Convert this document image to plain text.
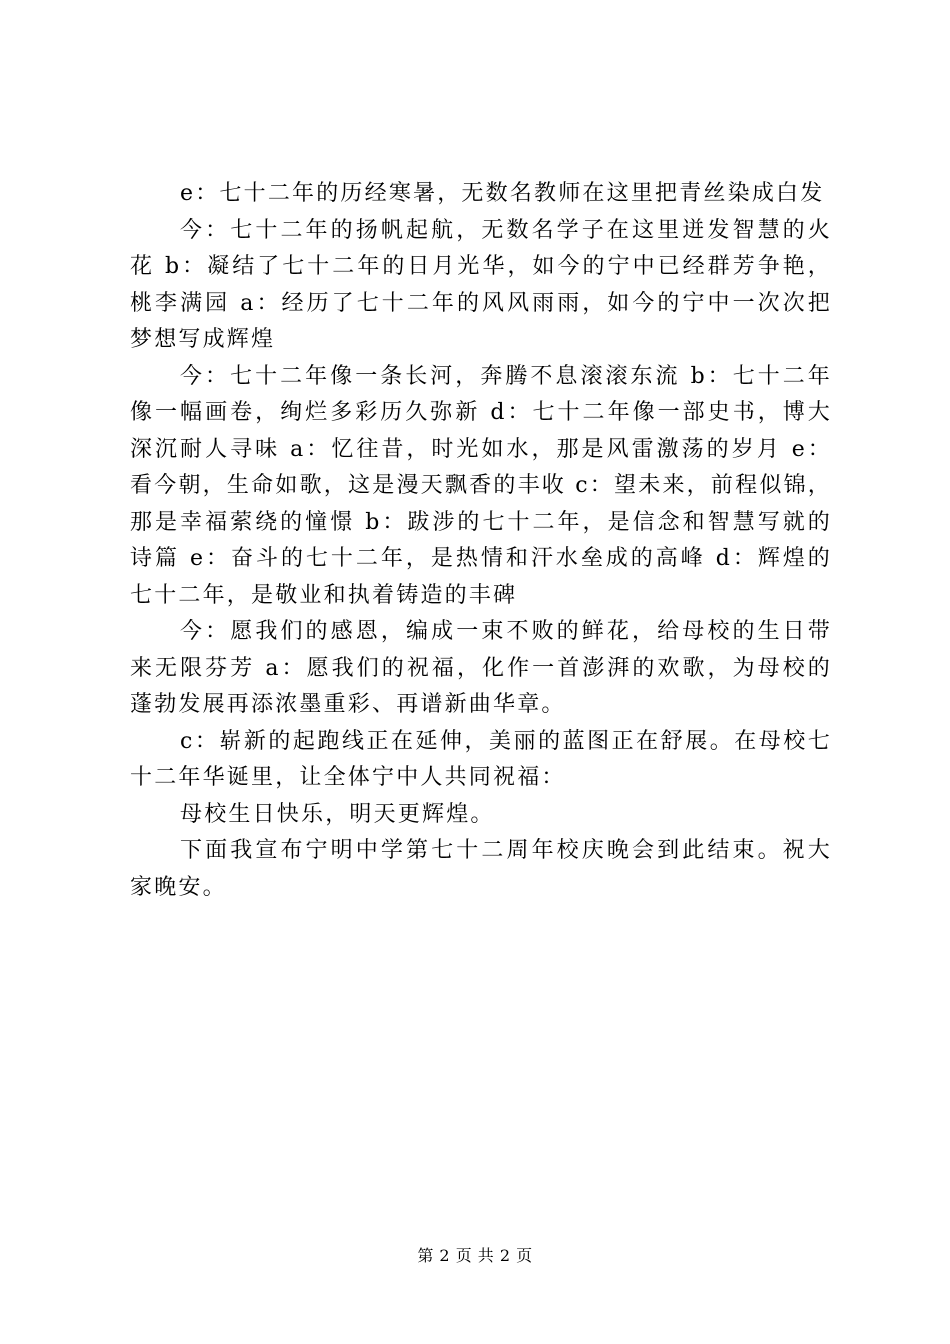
e：七十二年的历经寒暑，无数名教师在这里把青丝染成白发

今：七十二年的扬帆起航，无数名学子在这里迸发智慧的火花 b：凝结了七十二年的日月光华，如今的宁中已经群芳争艳，桃李满园 a：经历了七十二年的风风雨雨，如今的宁中一次次把梦想写成辉煌

今：七十二年像一条长河，奔腾不息滚滚东流 b：七十二年像一幅画卷，绚烂多彩历久弥新 d：七十二年像一部史书，博大深沉耐人寻味 a：忆往昔，时光如水，那是风雷激荡的岁月 e：看今朝，生命如歌，这是漫天飘香的丰收 c：望未来，前程似锦，那是幸福萦绕的憧憬 b：跋涉的七十二年，是信念和智慧写就的诗篇 e：奋斗的七十二年，是热情和汗水垒成的高峰 d：辉煌的七十二年，是敬业和执着铸造的丰碑

今：愿我们的感恩，编成一束不败的鲜花，给母校的生日带来无限芬芳 a：愿我们的祝福，化作一首澎湃的欢歌，为母校的蓬勃发展再添浓墨重彩、再谱新曲华章。

c：崭新的起跑线正在延伸，美丽的蓝图正在舒展。在母校七十二年华诞里，让全体宁中人共同祝福：

母校生日快乐，明天更辉煌。

下面我宣布宁明中学第七十二周年校庆晚会到此结束。祝大家晚安。

第 2 页 共 2 页
